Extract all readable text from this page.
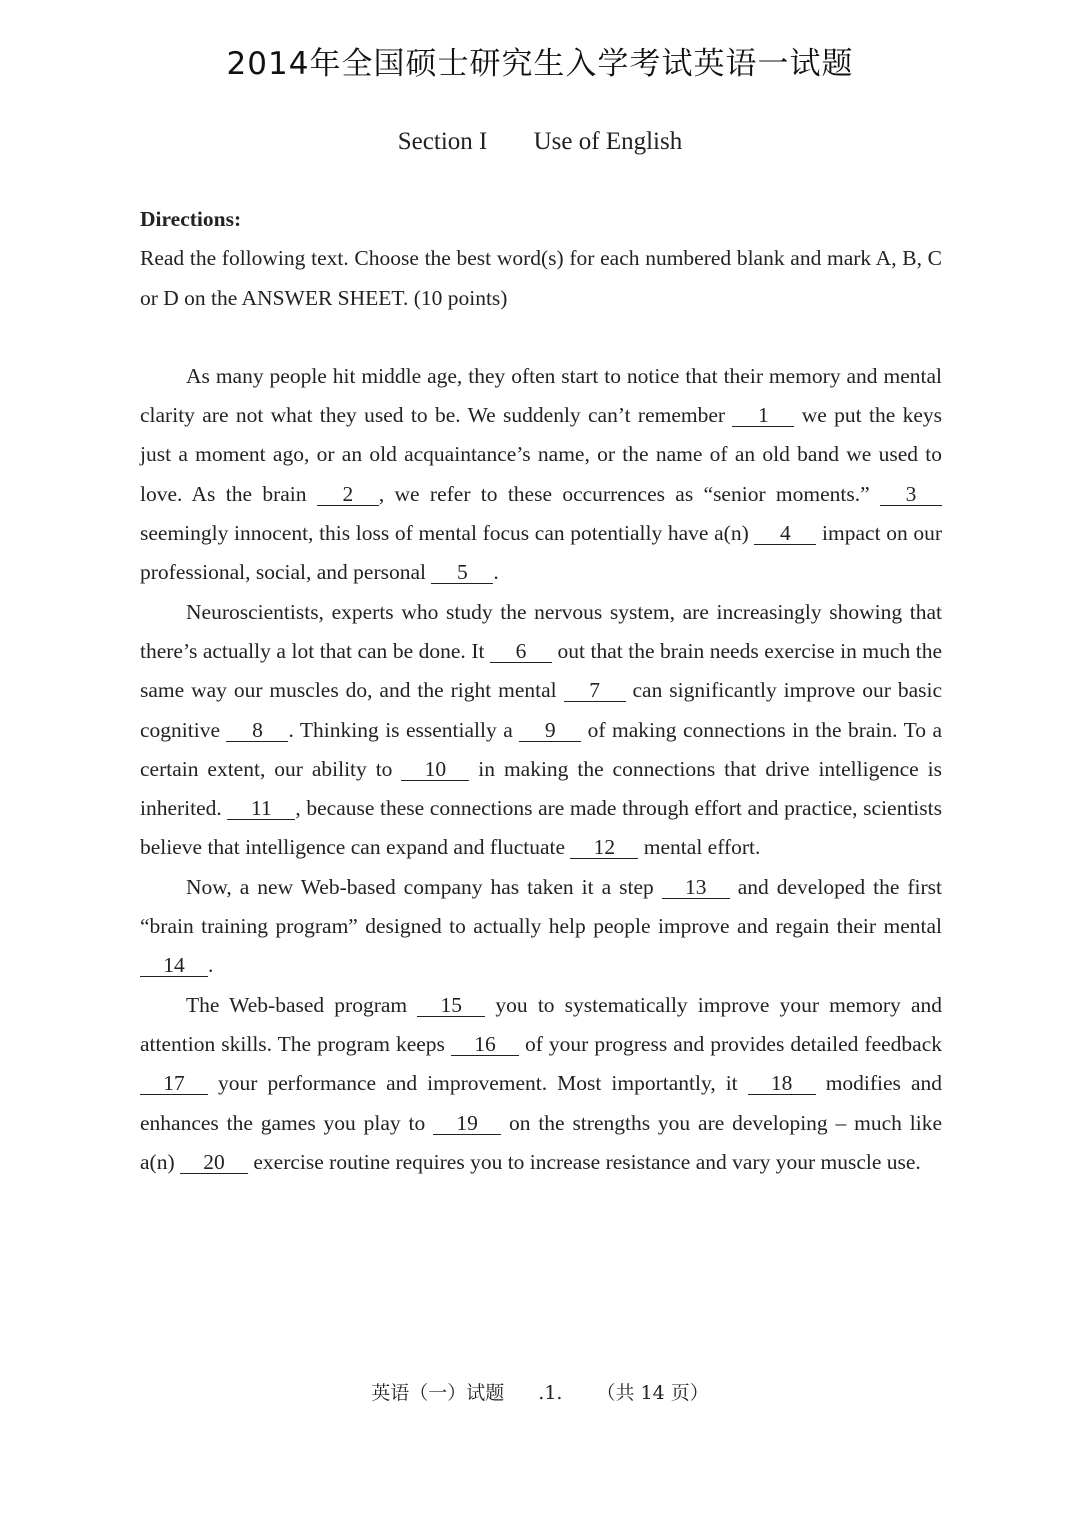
2014年全国硕士研究生入学考试英语一试题
Section I Use of English

Directions:

Read the following text. Choose the best word(s) for each numbered blank and mark A, B, C or D on the ANSWER SHEET. (10 points)

As many people hit middle age, they often start to notice that their memory and mental clarity are not what they used to be. We suddenly can’t remember 1 we put the keys just a moment ago, or an old acquaintance’s name, or the name of an old band we used to love. As the brain 2 , we refer to these occurrences as “senior moments.” 3 seemingly innocent, this loss of mental focus can potentially have a(n) 4 impact on our professional, social, and personal 5 .

Neuroscientists, experts who study the nervous system, are increasingly showing that there’s actually a lot that can be done. It 6 out that the brain needs exercise in much the same way our muscles do, and the right mental 7 can significantly improve our basic cognitive 8 . Thinking is essentially a 9 of making connections in the brain. To a certain extent, our ability to 10 in making the connections that drive intelligence is inherited. 11 , because these connections are made through effort and practice, scientists believe that intelligence can expand and fluctuate 12 mental effort.

Now, a new Web-based company has taken it a step 13 and developed the first “brain training program” designed to actually help people improve and regain their mental 14 .

The Web-based program 15 you to systematically improve your memory and attention skills. The program keeps 16 of your progress and provides detailed feedback 17 your performance and improvement. Most importantly, it 18 modifies and enhances the games you play to 19 on the strengths you are developing – much like a(n) 20 exercise routine requires you to increase resistance and vary your muscle use.

英语（一）试题 .1. （共 14 页）
